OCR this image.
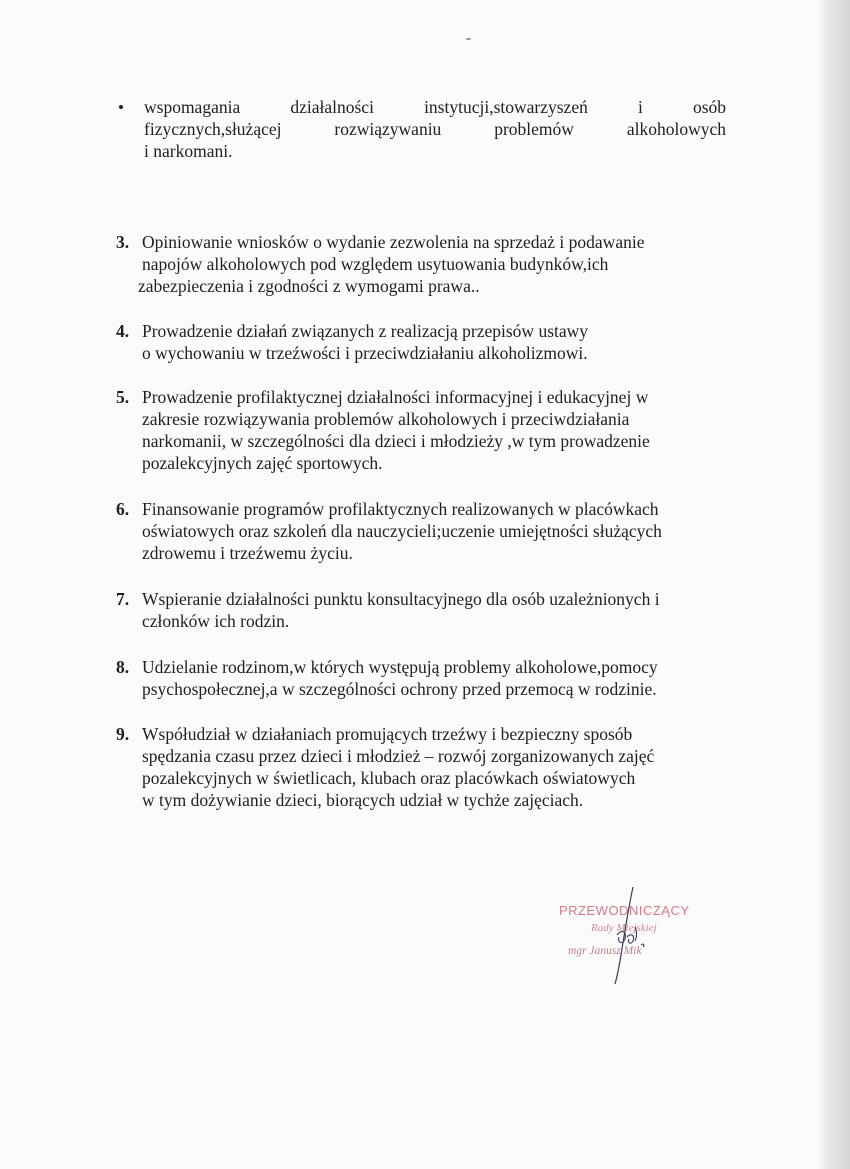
• wspomagania	działalności	instytucji,stowarzyszeń	i	osób
fizycznych,służącej	rozwiązywaniu	problemów	alkoholowych
i narkomani.
3. Opiniowanie wniosków o wydanie zezwolenia na sprzedaż i podawanie
napojów alkoholowych pod względem usytuowania budynków,ich
zabezpieczenia i zgodności z wymogami prawa..
4. Prowadzenie działań związanych z realizacją przepisów ustawy
o wychowaniu w trzeźwości i przeciwdziałaniu alkoholizmowi.
5. Prowadzenie profilaktycznej działalności informacyjnej i edukacyjnej w
zakresie rozwiązywania problemów alkoholowych i przeciwdziałania
narkomanii, w szczególności dla dzieci i młodzieży ,w tym prowadzenie
pozalekcyjnych zajęć sportowych.
6. Finansowanie programów profilaktycznych realizowanych w placówkach
oświatowych oraz szkoleń dla nauczycieli;uczenie umiejętności służących
zdrowemu i trzeźwemu życiu.
7. Wspieranie działalności punktu konsultacyjnego dla osób uzależnionych i
członków ich rodzin.
8. Udzielanie rodzinom,w których występują problemy alkoholowe,pomocy
psychospołecznej,a w szczególności ochrony przed przemocą w rodzinie.
9. Współudział w działaniach promujących trzeźwy i bezpieczny sposób
spędzania czasu przez dzieci i młodzież – rozwój zorganizowanych zajęć
pozalekcyjnych w świetlicach, klubach oraz placówkach oświatowych
w tym dożywianie dzieci, biorących udział w tychże zajęciach.
PRZEWODNICZĄCY
Rady Miejskiej
mgr Janusz Mik
